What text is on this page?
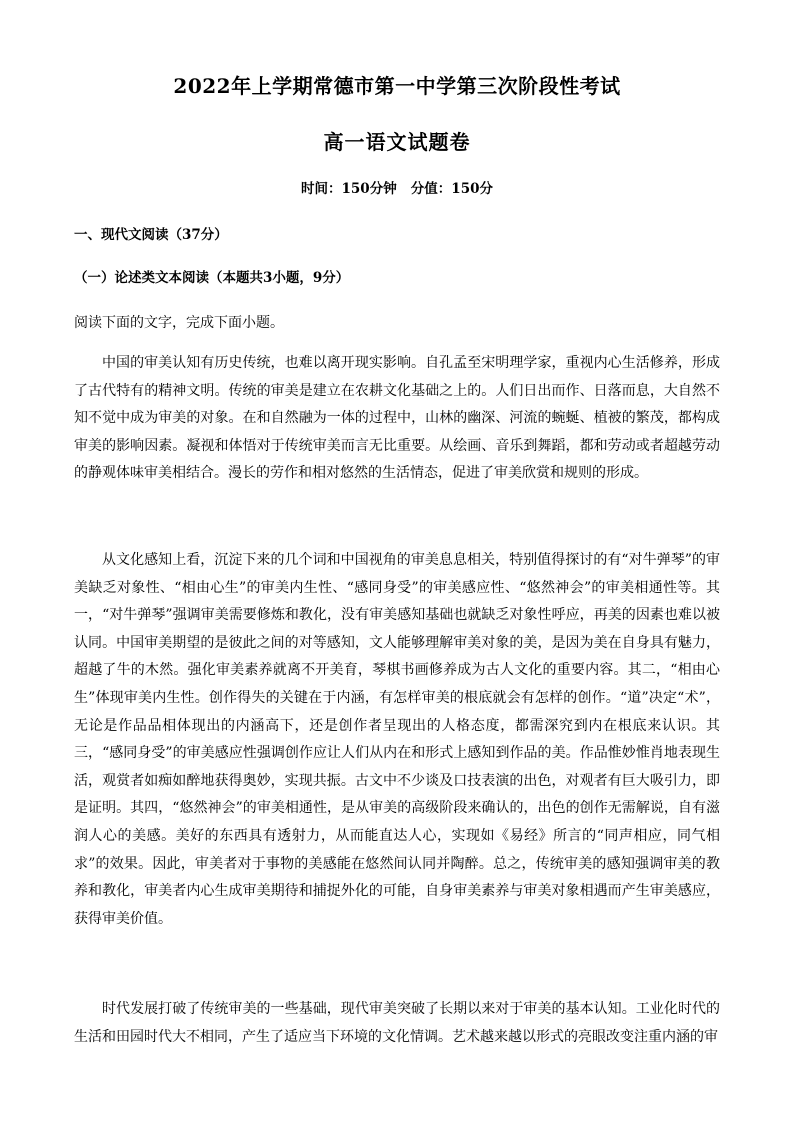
2022年上学期常德市第一中学第三次阶段性考试
高一语文试题卷
时间：150分钟   分值：150分
一、现代文阅读（37分）
（一）论述类文本阅读（本题共3小题，9分）
阅读下面的文字，完成下面小题。

中国的审美认知有历史传统，也难以离开现实影响。自孔孟至宋明理学家，重视内心生活修养，形成了古代特有的精神文明。传统的审美是建立在农耕文化基础之上的。人们日出而作、日落而息，大自然不知不觉中成为审美的对象。在和自然融为一体的过程中，山林的幽深、河流的蜿蜒、植被的繁茂，都构成审美的影响因素。凝视和体悟对于传统审美而言无比重要。从绘画、音乐到舞蹈，都和劳动或者超越劳动的静观体味审美相结合。漫长的劳作和相对悠然的生活情态，促进了审美欣赏和规则的形成。

从文化感知上看，沉淀下来的几个词和中国视角的审美息息相关，特别值得探讨的有“对牛弹琴”的审美缺乏对象性、“相由心生”的审美内生性、“感同身受”的审美感应性、“悠然神会”的审美相通性等。其一，“对牛弹琴”强调审美需要修炼和教化，没有审美感知基础也就缺乏对象性呼应，再美的因素也难以被认同。中国审美期望的是彼此之间的对等感知，文人能够理解审美对象的美，是因为美在自身具有魅力，超越了牛的木然。强化审美素养就离不开美育，琴棋书画修养成为古人文化的重要内容。其二，“相由心生”体现审美内生性。创作得失的关键在于内涵，有怎样审美的根底就会有怎样的创作。“道”决定“术”，无论是作品品相体现出的内涵高下，还是创作者呈现出的人格态度，都需深究到内在根底来认识。其三，“感同身受”的审美感应性强调创作应让人们从内在和形式上感知到作品的美。作品惟妙惟肖地表现生活，观赏者如痴如醉地获得奥妙，实现共振。古文中不少谈及口技表演的出色，对观者有巨大吸引力，即是证明。其四，“悠然神会”的审美相通性，是从审美的高级阶段来确认的，出色的创作无需解说，自有滋润人心的美感。美好的东西具有透射力，从而能直达人心，实现如《易经》所言的“同声相应，同气相求”的效果。因此，审美者对于事物的美感能在悠然间认同并陶醉。总之，传统审美的感知强调审美的教养和教化，审美者内心生成审美期待和捕捉外化的可能，自身审美素养与审美对象相遇而产生审美感应，获得审美价值。

时代发展打破了传统审美的一些基础，现代审美突破了长期以来对于审美的基本认知。工业化时代的生活和田园时代大不相同，产生了适应当下环境的文化情调。艺术越来越以形式的亮眼改变注重内涵的审
